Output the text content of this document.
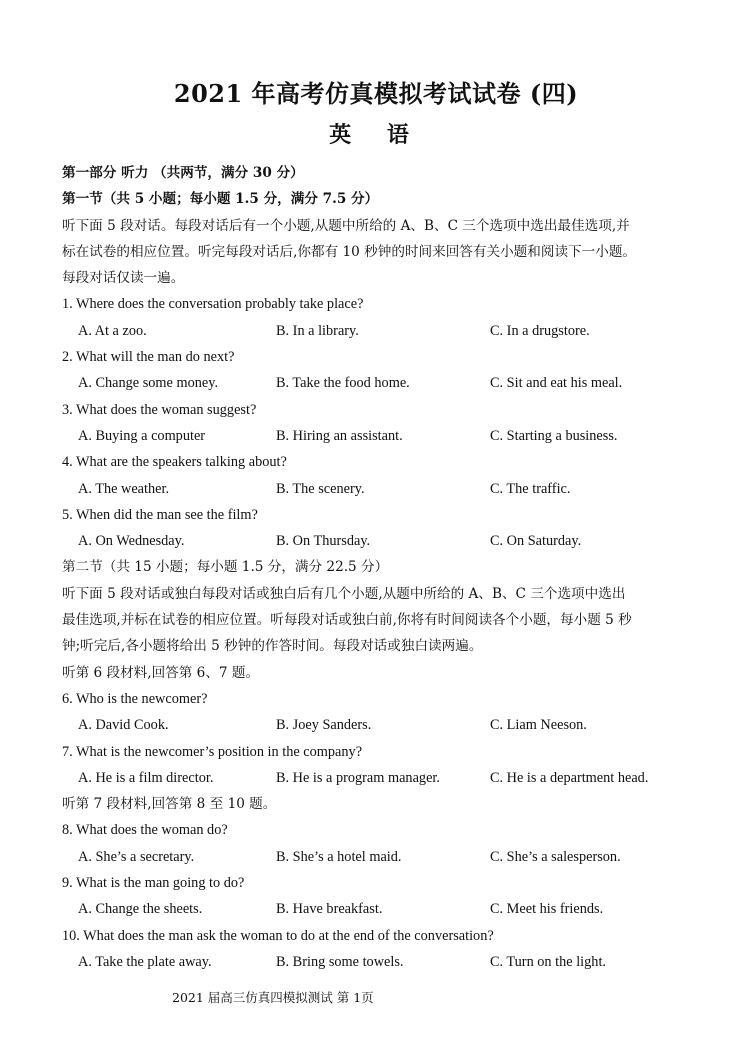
2021 年高考仿真模拟考试试卷 (四)
英 语
第一部分 听力 （共两节，满分 30 分）
第一节（共 5 小题；每小题 1.5 分，满分 7.5 分）
听下面 5 段对话。每段对话后有一个小题,从题中所给的 A、B、C 三个选项中选出最佳选项,并
标在试卷的相应位置。听完每段对话后,你都有 10 秒钟的时间来回答有关小题和阅读下一小题。
每段对话仅读一遍。
1. Where does the conversation probably take place?
A. At a zoo.	B. In a library.	C. In a drugstore.
2. What will the man do next?
A. Change some money.	B. Take the food home.	C. Sit and eat his meal.
3. What does the woman suggest?
A. Buying a computer	B. Hiring an assistant.	C. Starting a business.
4. What are the speakers talking about?
A. The weather.	B. The scenery.	C. The traffic.
5. When did the man see the film?
A. On Wednesday.	B. On Thursday.	C. On Saturday.
第二节（共 15 小题；每小题 1.5 分，满分 22.5 分）
听下面 5 段对话或独白每段对话或独白后有几个小题,从题中所给的 A、B、C 三个选项中选出
最佳选项,并标在试卷的相应位置。听每段对话或独白前,你将有时间阅读各个小题，每小题 5 秒
钟;听完后,各小题将给出 5 秒钟的作答时间。每段对话或独白读两遍。
听第 6 段材料,回答第 6、7 题。
6. Who is the newcomer?
A. David Cook.	B. Joey Sanders.	C. Liam Neeson.
7. What is the newcomer’s position in the company?
A. He is a film director.	B. He is a program manager.	C. He is a department head.
听第 7 段材料,回答第 8 至 10 题。
8. What does the woman do?
A. She’s a secretary.	B. She’s a hotel maid.	C. She’s a salesperson.
9. What is the man going to do?
A. Change the sheets.	B. Have breakfast.	C. Meet his friends.
10. What does the man ask the woman to do at the end of the conversation?
A. Take the plate away.	B. Bring some towels.	C. Turn on the light.
2021 届高三仿真四模拟测试 第 1页
